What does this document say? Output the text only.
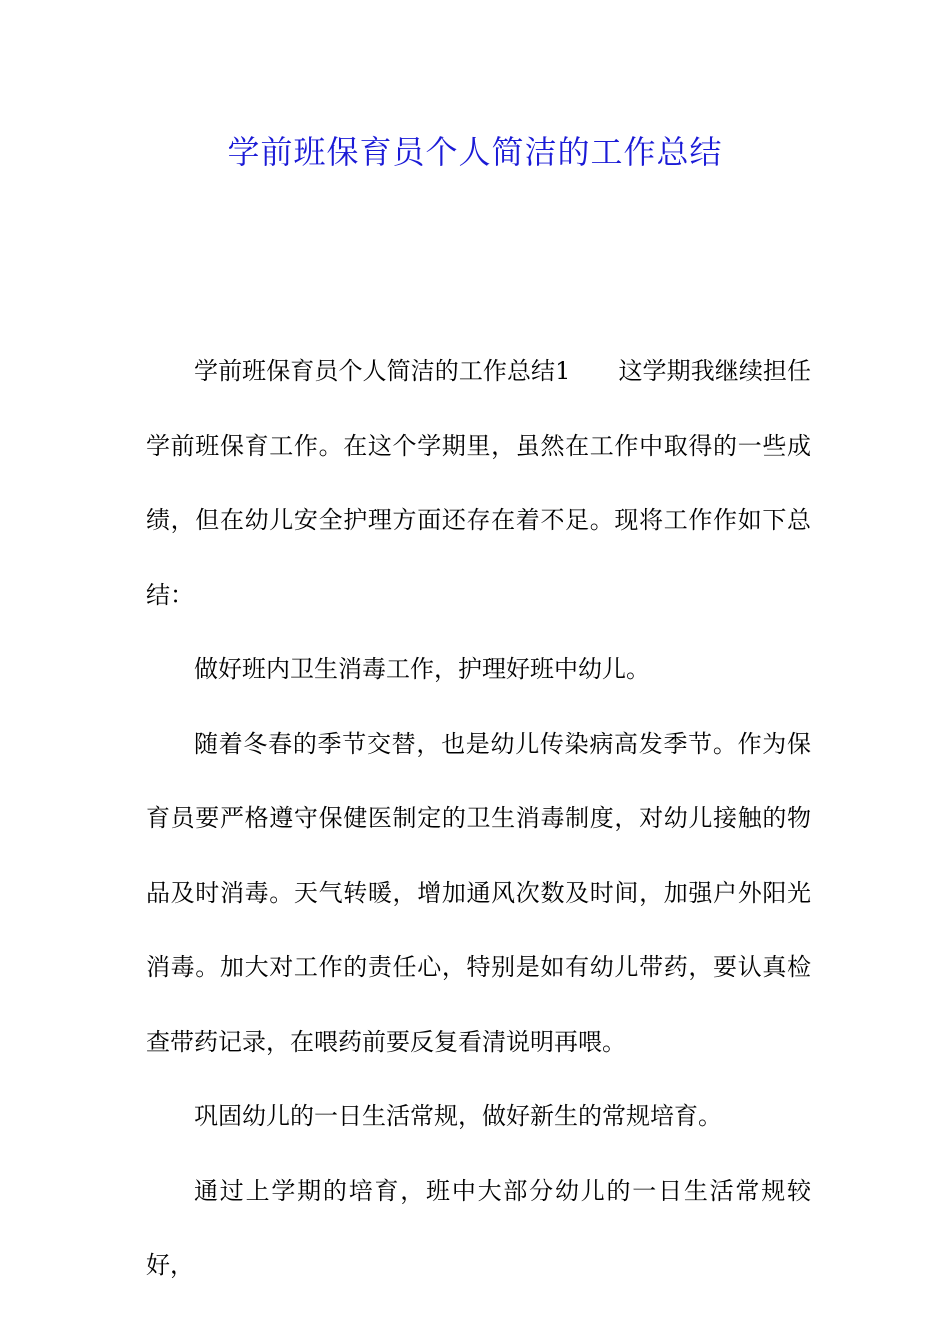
学前班保育员个人简洁的工作总结

学前班保育员个人简洁的工作总结1 这学期我继续担任学前班保育工作。在这个学期里，虽然在工作中取得的一些成绩，但在幼儿安全护理方面还存在着不足。现将工作作如下总结：

做好班内卫生消毒工作，护理好班中幼儿。

随着冬春的季节交替，也是幼儿传染病高发季节。作为保育员要严格遵守保健医制定的卫生消毒制度，对幼儿接触的物品及时消毒。天气转暖，增加通风次数及时间，加强户外阳光消毒。加大对工作的责任心，特别是如有幼儿带药，要认真检查带药记录，在喂药前要反复看清说明再喂。

巩固幼儿的一日生活常规，做好新生的常规培育。

通过上学期的培育，班中大部分幼儿的一日生活常规较好，
